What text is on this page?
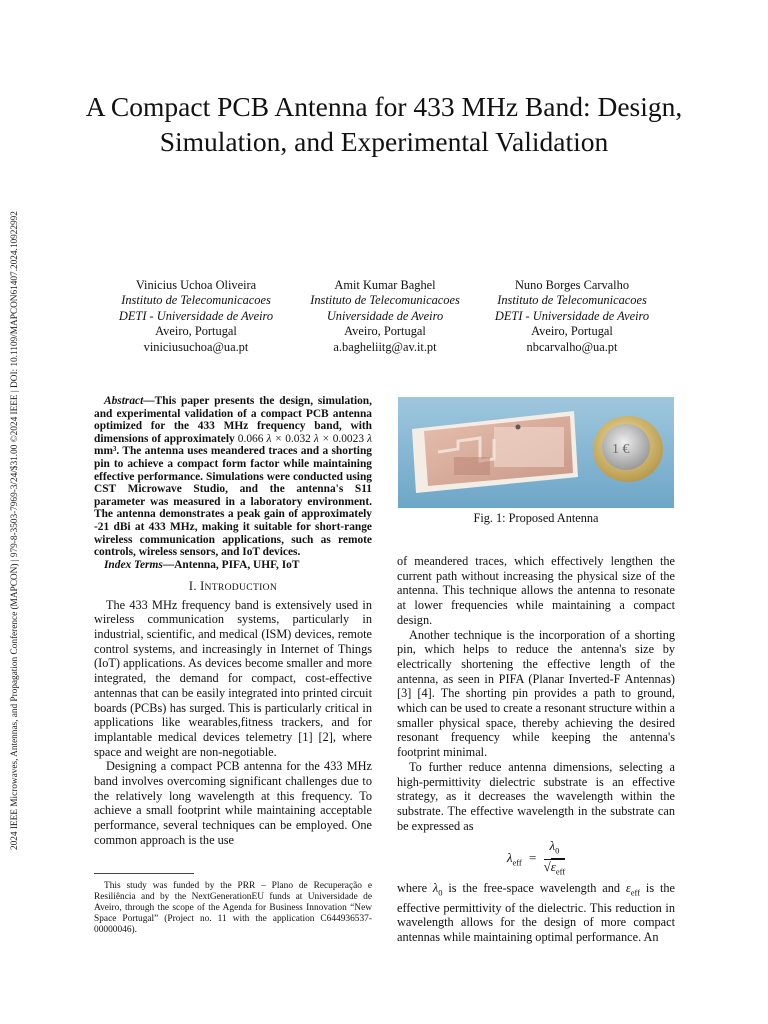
2024 IEEE Microwaves, Antennas, and Propagation Conference (MAPCON) | 979-8-3503-7969-3/24/$31.00 ©2024 IEEE | DOI: 10.1109/MAPCON61407.2024.10922992
A Compact PCB Antenna for 433 MHz Band: Design, Simulation, and Experimental Validation
Vinicius Uchoa Oliveira
Instituto de Telecomunicacoes
DETI - Universidade de Aveiro
Aveiro, Portugal
viniciusuchoa@ua.pt
Amit Kumar Baghel
Instituto de Telecomunicacoes
Universidade de Aveiro
Aveiro, Portugal
a.bagheliitg@av.it.pt
Nuno Borges Carvalho
Instituto de Telecomunicacoes
DETI - Universidade de Aveiro
Aveiro, Portugal
nbcarvalho@ua.pt
Abstract—This paper presents the design, simulation, and experimental validation of a compact PCB antenna optimized for the 433 MHz frequency band, with dimensions of approximately 0.066 λ × 0.032 λ × 0.0023 λ mm³. The antenna uses meandered traces and a shorting pin to achieve a compact form factor while maintaining effective performance. Simulations were conducted using CST Microwave Studio, and the antenna's S11 parameter was measured in a laboratory environment. The antenna demonstrates a peak gain of approximately -21 dBi at 433 MHz, making it suitable for short-range wireless communication applications, such as remote controls, wireless sensors, and IoT devices.
Index Terms—Antenna, PIFA, UHF, IoT
I. INTRODUCTION

The 433 MHz frequency band is extensively used in wireless communication systems, particularly in industrial, scientific, and medical (ISM) devices, remote control systems, and increasingly in Internet of Things (IoT) applications. As devices become smaller and more integrated, the demand for compact, cost-effective antennas that can be easily integrated into printed circuit boards (PCBs) has surged. This is particularly critical in applications like wearables,fitness trackers, and for implantable medical devices telemetry [1] [2], where space and weight are non-negotiable.

Designing a compact PCB antenna for the 433 MHz band involves overcoming significant challenges due to the relatively long wavelength at this frequency. To achieve a small footprint while maintaining acceptable performance, several techniques can be employed. One common approach is the use

This study was funded by the PRR – Plano de Recuperação e Resiliência and by the NextGenerationEU funds at Universidade de Aveiro, through the scope of the Agenda for Business Innovation “New Space Portugal” (Project no. 11 with the application C644936537-00000046).
1 €
Fig. 1: Proposed Antenna

of meandered traces, which effectively lengthen the current path without increasing the physical size of the antenna. This technique allows the antenna to resonate at lower frequencies while maintaining a compact design.

Another technique is the incorporation of a shorting pin, which helps to reduce the antenna's size by electrically shortening the effective length of the antenna, as seen in PIFA (Planar Inverted-F Antennas) [3] [4]. The shorting pin provides a path to ground, which can be used to create a resonant structure within a smaller physical space, thereby achieving the desired resonant frequency while keeping the antenna's footprint minimal.

To further reduce antenna dimensions, selecting a high-permittivity dielectric substrate is an effective strategy, as it decreases the wavelength within the substrate. The effective wavelength in the substrate can be expressed as

$\lambda_{eff} = \frac{\lambda_0}{√\varepsilon_{eff}}$

where $\lambda_0$ is the free-space wavelength and $\varepsilon_{eff}$ is the effective permittivity of the dielectric. This reduction in wavelength allows for the design of more compact antennas while maintaining optimal performance. An
